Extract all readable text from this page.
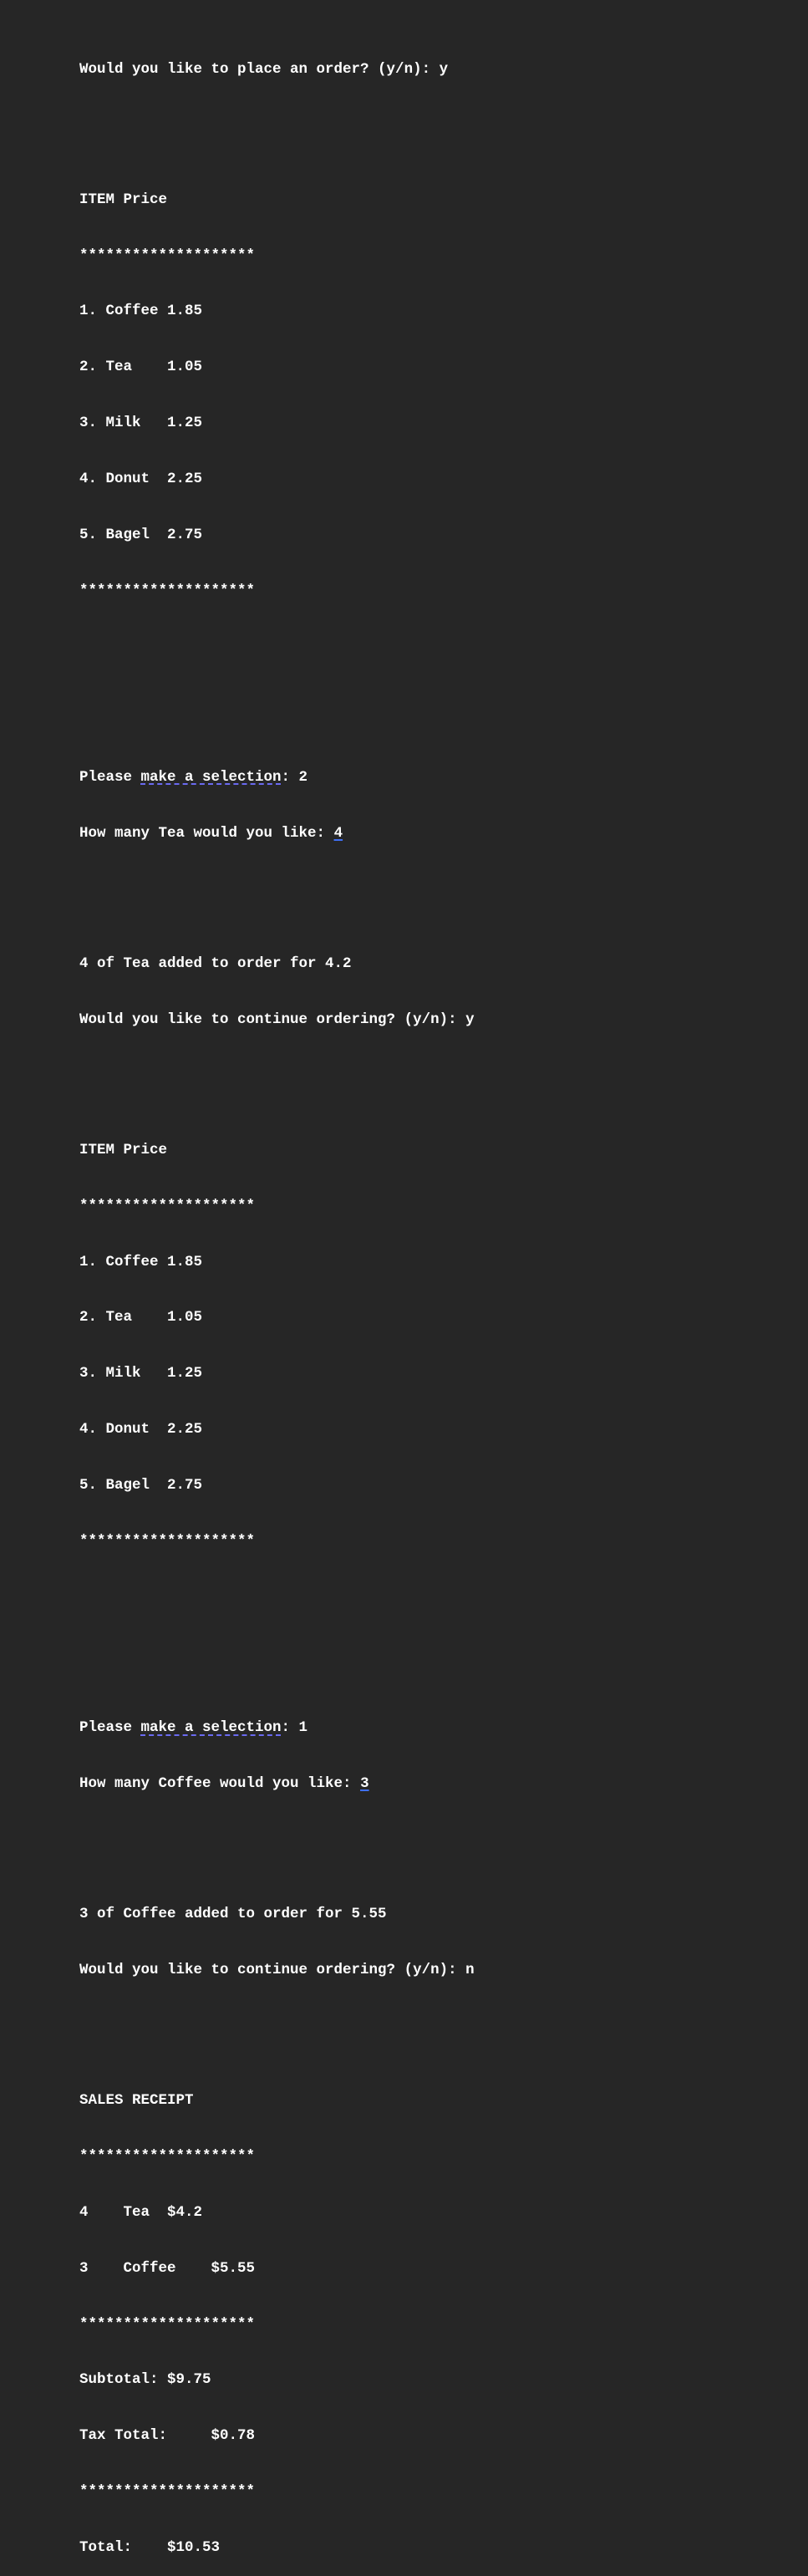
Would you like to place an order? (y/n): y

ITEM Price

********************

1. Coffee 1.85

2. Tea    1.05

3. Milk   1.25

4. Donut  2.25

5. Bagel  2.75

********************

Please make a selection: 2

How many Tea would you like: 4

4 of Tea added to order for 4.2

Would you like to continue ordering? (y/n): y

ITEM Price

********************

1. Coffee 1.85

2. Tea    1.05

3. Milk   1.25

4. Donut  2.25

5. Bagel  2.75

********************

Please make a selection: 1

How many Coffee would you like: 3

3 of Coffee added to order for 5.55

Would you like to continue ordering? (y/n): n

SALES RECEIPT

********************

4    Tea  $4.2

3    Coffee    $5.55

********************

Subtotal: $9.75

Tax Total:     $0.78

********************

Total:    $10.53
